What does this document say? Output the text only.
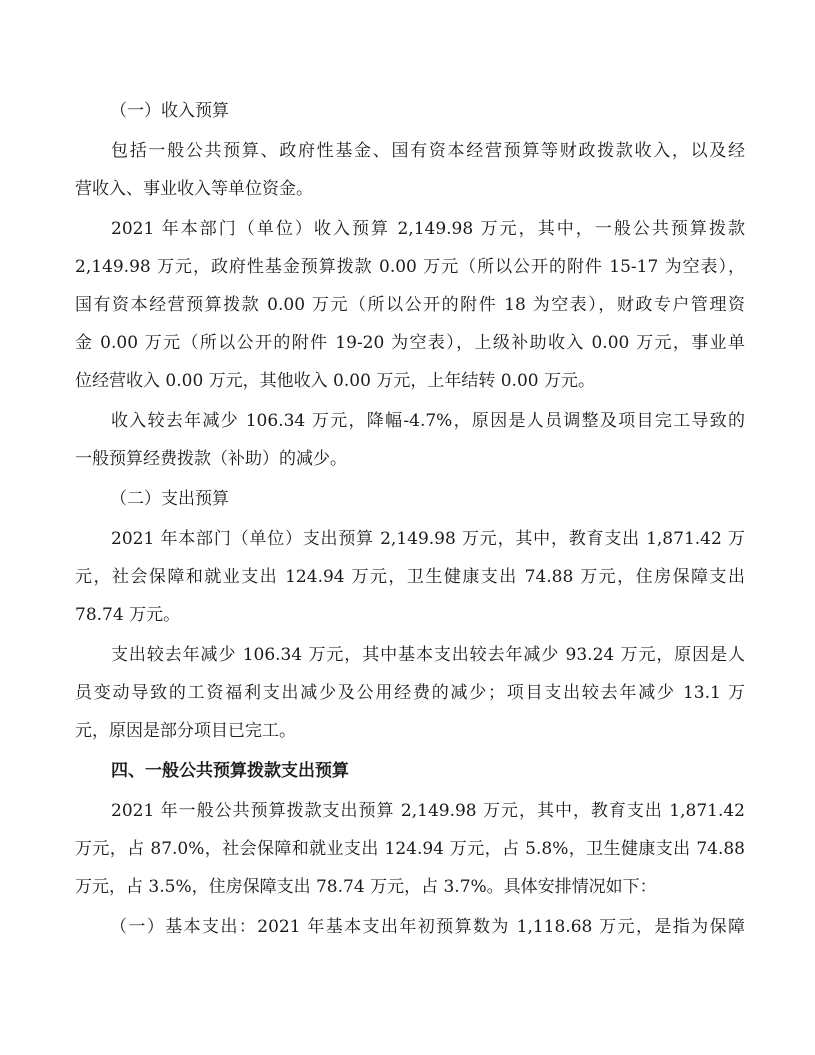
（一）收入预算
包括一般公共预算、政府性基金、国有资本经营预算等财政拨款收入，以及经
营收入、事业收入等单位资金。
2021 年本部门（单位）收入预算 2,149.98 万元，其中，一般公共预算拨款
2,149.98 万元，政府性基金预算拨款 0.00 万元（所以公开的附件 15-17 为空表），
国有资本经营预算拨款 0.00 万元（所以公开的附件 18 为空表），财政专户管理资
金 0.00 万元（所以公开的附件 19-20 为空表），上级补助收入 0.00 万元，事业单
位经营收入 0.00 万元，其他收入 0.00 万元，上年结转 0.00 万元。
收入较去年减少 106.34 万元，降幅-4.7%，原因是人员调整及项目完工导致的
一般预算经费拨款（补助）的减少。
（二）支出预算
2021 年本部门（单位）支出预算 2,149.98 万元，其中，教育支出 1,871.42 万
元，社会保障和就业支出 124.94 万元，卫生健康支出 74.88 万元，住房保障支出
78.74 万元。
支出较去年减少 106.34 万元，其中基本支出较去年减少 93.24 万元，原因是人
员变动导致的工资福利支出减少及公用经费的减少；项目支出较去年减少 13.1 万
元，原因是部分项目已完工。
四、一般公共预算拨款支出预算
2021 年一般公共预算拨款支出预算 2,149.98 万元，其中，教育支出 1,871.42
万元，占 87.0%，社会保障和就业支出 124.94 万元，占 5.8%，卫生健康支出 74.88
万元，占 3.5%，住房保障支出 78.74 万元，占 3.7%。具体安排情况如下：
（一）基本支出：2021 年基本支出年初预算数为 1,118.68 万元，是指为保障
